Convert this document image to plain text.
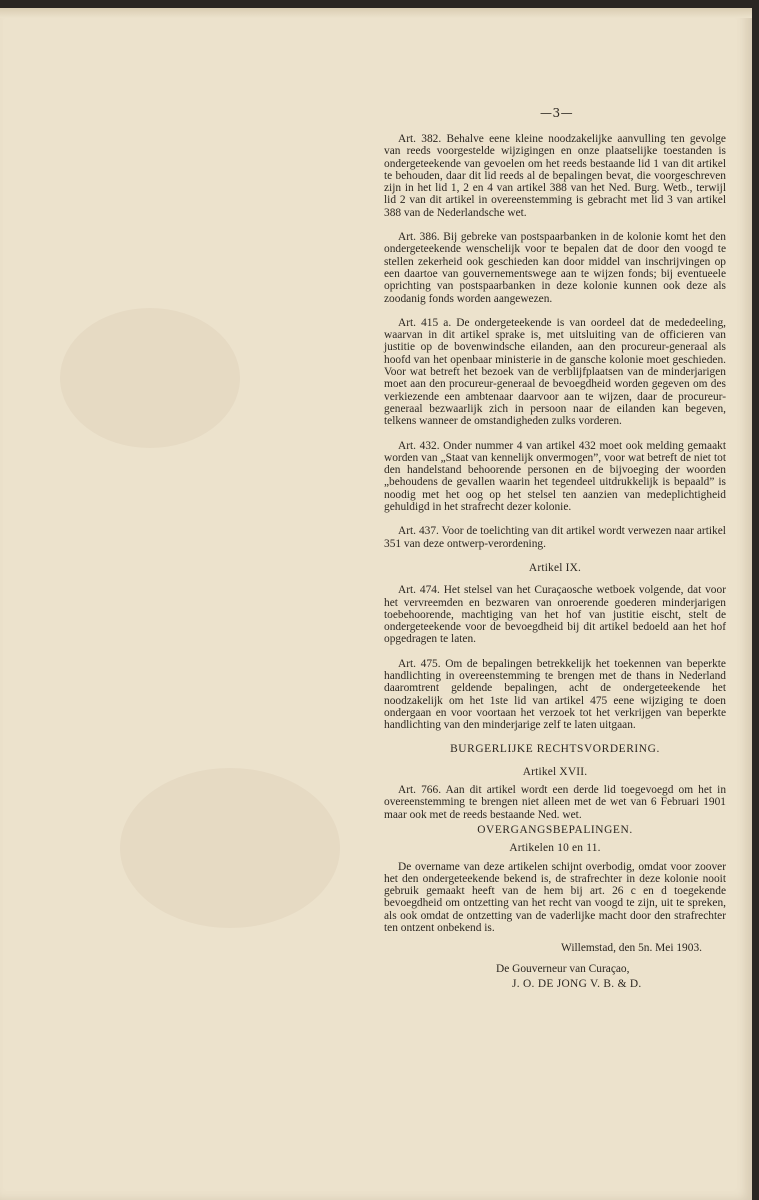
—3—

Art. 382. Behalve eene kleine noodzakelijke aanvulling ten gevolge van reeds voorgestelde wijzigingen en onze plaatselijke toestanden is ondergeteekende van gevoelen om het reeds bestaande lid 1 van dit artikel te behouden, daar dit lid reeds al de bepalingen bevat, die voorgeschreven zijn in het lid 1, 2 en 4 van artikel 388 van het Ned. Burg. Wetb., terwijl lid 2 van dit artikel in overeenstemming is gebracht met lid 3 van artikel 388 van de Nederlandsche wet.

Art. 386. Bij gebreke van postspaarbanken in de kolonie komt het den ondergeteekende wenschelijk voor te bepalen dat de door den voogd te stellen zekerheid ook geschieden kan door middel van inschrijvingen op een daartoe van gouvernementswege aan te wijzen fonds; bij eventueele oprichting van postspaarbanken in deze kolonie kunnen ook deze als zoodanig fonds worden aangewezen.

Art. 415 a. De ondergeteekende is van oordeel dat de mededeeling, waarvan in dit artikel sprake is, met uitsluiting van de officieren van justitie op de bovenwindsche eilanden, aan den procureur-generaal als hoofd van het openbaar ministerie in de gansche kolonie moet geschieden. Voor wat betreft het bezoek van de verblijfplaatsen van de minderjarigen moet aan den procureur-generaal de bevoegdheid worden gegeven om des verkiezende een ambtenaar daarvoor aan te wijzen, daar de procureur-generaal bezwaarlijk zich in persoon naar de eilanden kan begeven, telkens wanneer de omstandigheden zulks vorderen.

Art. 432. Onder nummer 4 van artikel 432 moet ook melding gemaakt worden van „Staat van kennelijk onvermogen”, voor wat betreft de niet tot den handelstand behoorende personen en de bijvoeging der woorden „behoudens de gevallen waarin het tegendeel uitdrukkelijk is bepaald” is noodig met het oog op het stelsel ten aanzien van medeplichtigheid gehuldigd in het strafrecht dezer kolonie.

Art. 437. Voor de toelichting van dit artikel wordt verwezen naar artikel 351 van deze ontwerp-verordening.

Artikel IX.

Art. 474. Het stelsel van het Curaçaosche wetboek volgende, dat voor het vervreemden en bezwaren van onroerende goederen minderjarigen toebehoorende, machtiging van het hof van justitie eischt, stelt de ondergeteekende voor de bevoegdheid bij dit artikel bedoeld aan het hof opgedragen te laten.

Art. 475. Om de bepalingen betrekkelijk het toekennen van beperkte handlichting in overeenstemming te brengen met de thans in Nederland daaromtrent geldende bepalingen, acht de ondergeteekende het noodzakelijk om het 1ste lid van artikel 475 eene wijziging te doen ondergaan en voor voortaan het verzoek tot het verkrijgen van beperkte handlichting van den minderjarige zelf te laten uitgaan.

BURGERLIJKE RECHTSVORDERING.
Artikel XVII.

Art. 766. Aan dit artikel wordt een derde lid toegevoegd om het in overeenstemming te brengen niet alleen met de wet van 6 Februari 1901 maar ook met de reeds bestaande Ned. wet.

OVERGANGSBEPALINGEN.
Artikelen 10 en 11.

De overname van deze artikelen schijnt overbodig, omdat voor zoover het den ondergeteekende bekend is, de strafrechter in deze kolonie nooit gebruik gemaakt heeft van de hem bij art. 26 c en d toegekende bevoegdheid om ontzetting van het recht van voogd te zijn, uit te spreken, als ook omdat de ontzetting van de vaderlijke macht door den strafrechter ten ontzent onbekend is.

Willemstad, den 5n. Mei 1903.
De Gouverneur van Curaçao,
J. O. DE JONG V. B. & D.
